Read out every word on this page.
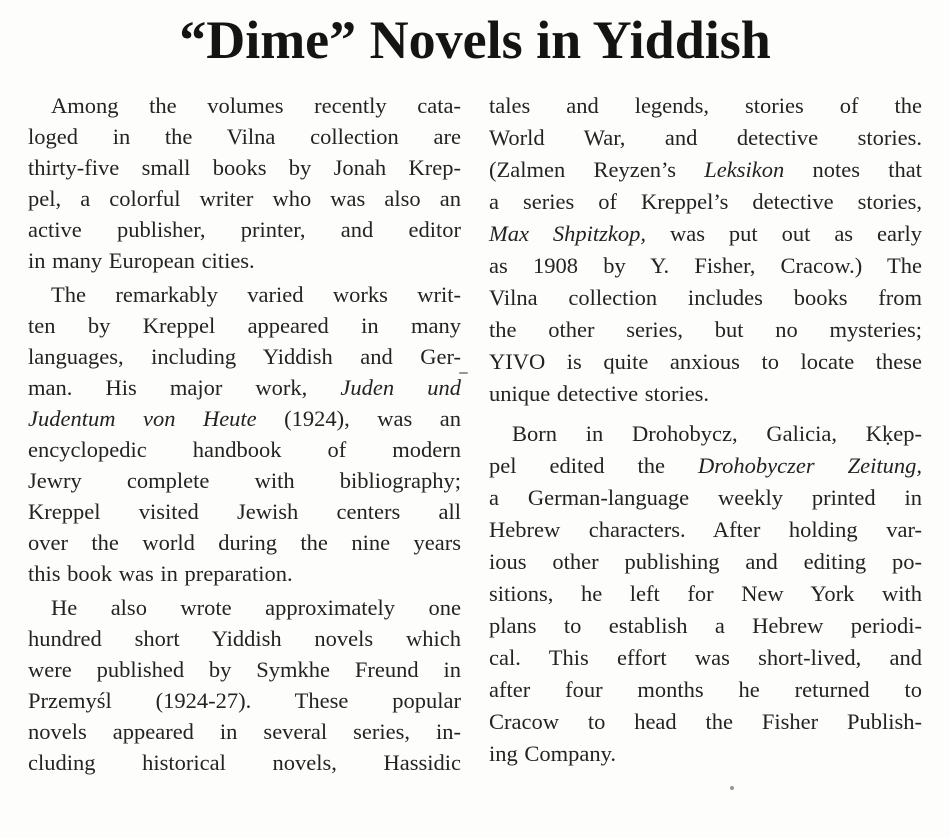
“Dime” Novels in Yiddish

Among the volumes recently cata-
loged in the Vilna collection are
thirty-five small books by Jonah Krep-
pel, a colorful writer who was also an
active publisher, printer, and editor
in many European cities.

The remarkably varied works writ-
ten by Kreppel appeared in many
languages, including Yiddish and Ger-
man. His major work, Juden und
Judentum von Heute (1924), was an
encyclopedic handbook of modern
Jewry complete with bibliography;
Kreppel visited Jewish centers all
over the world during the nine years
this book was in preparation.

He also wrote approximately one
hundred short Yiddish novels which
were published by Symkhe Freund in
Przemyśl (1924-27). These popular
novels appeared in several series, in-
cluding historical novels, Hassidic

tales and legends, stories of the
World War, and detective stories.
(Zalmen Reyzen’s Leksikon notes that
a series of Kreppel’s detective stories,
Max Shpitzkop, was put out as early
as 1908 by Y. Fisher, Cracow.) The
Vilna collection includes books from
the other series, but no mysteries;
YIVO is quite anxious to locate these
unique detective stories.

Born in Drohobycz, Galicia, Kḳep-
pel edited the Drohobyczer Zeitung,
a German-language weekly printed in
Hebrew characters. After holding var-
ious other publishing and editing po-
sitions, he left for New York with
plans to establish a Hebrew periodi-
cal. This effort was short-lived, and
after four months he returned to
Cracow to head the Fisher Publish-
ing Company.
